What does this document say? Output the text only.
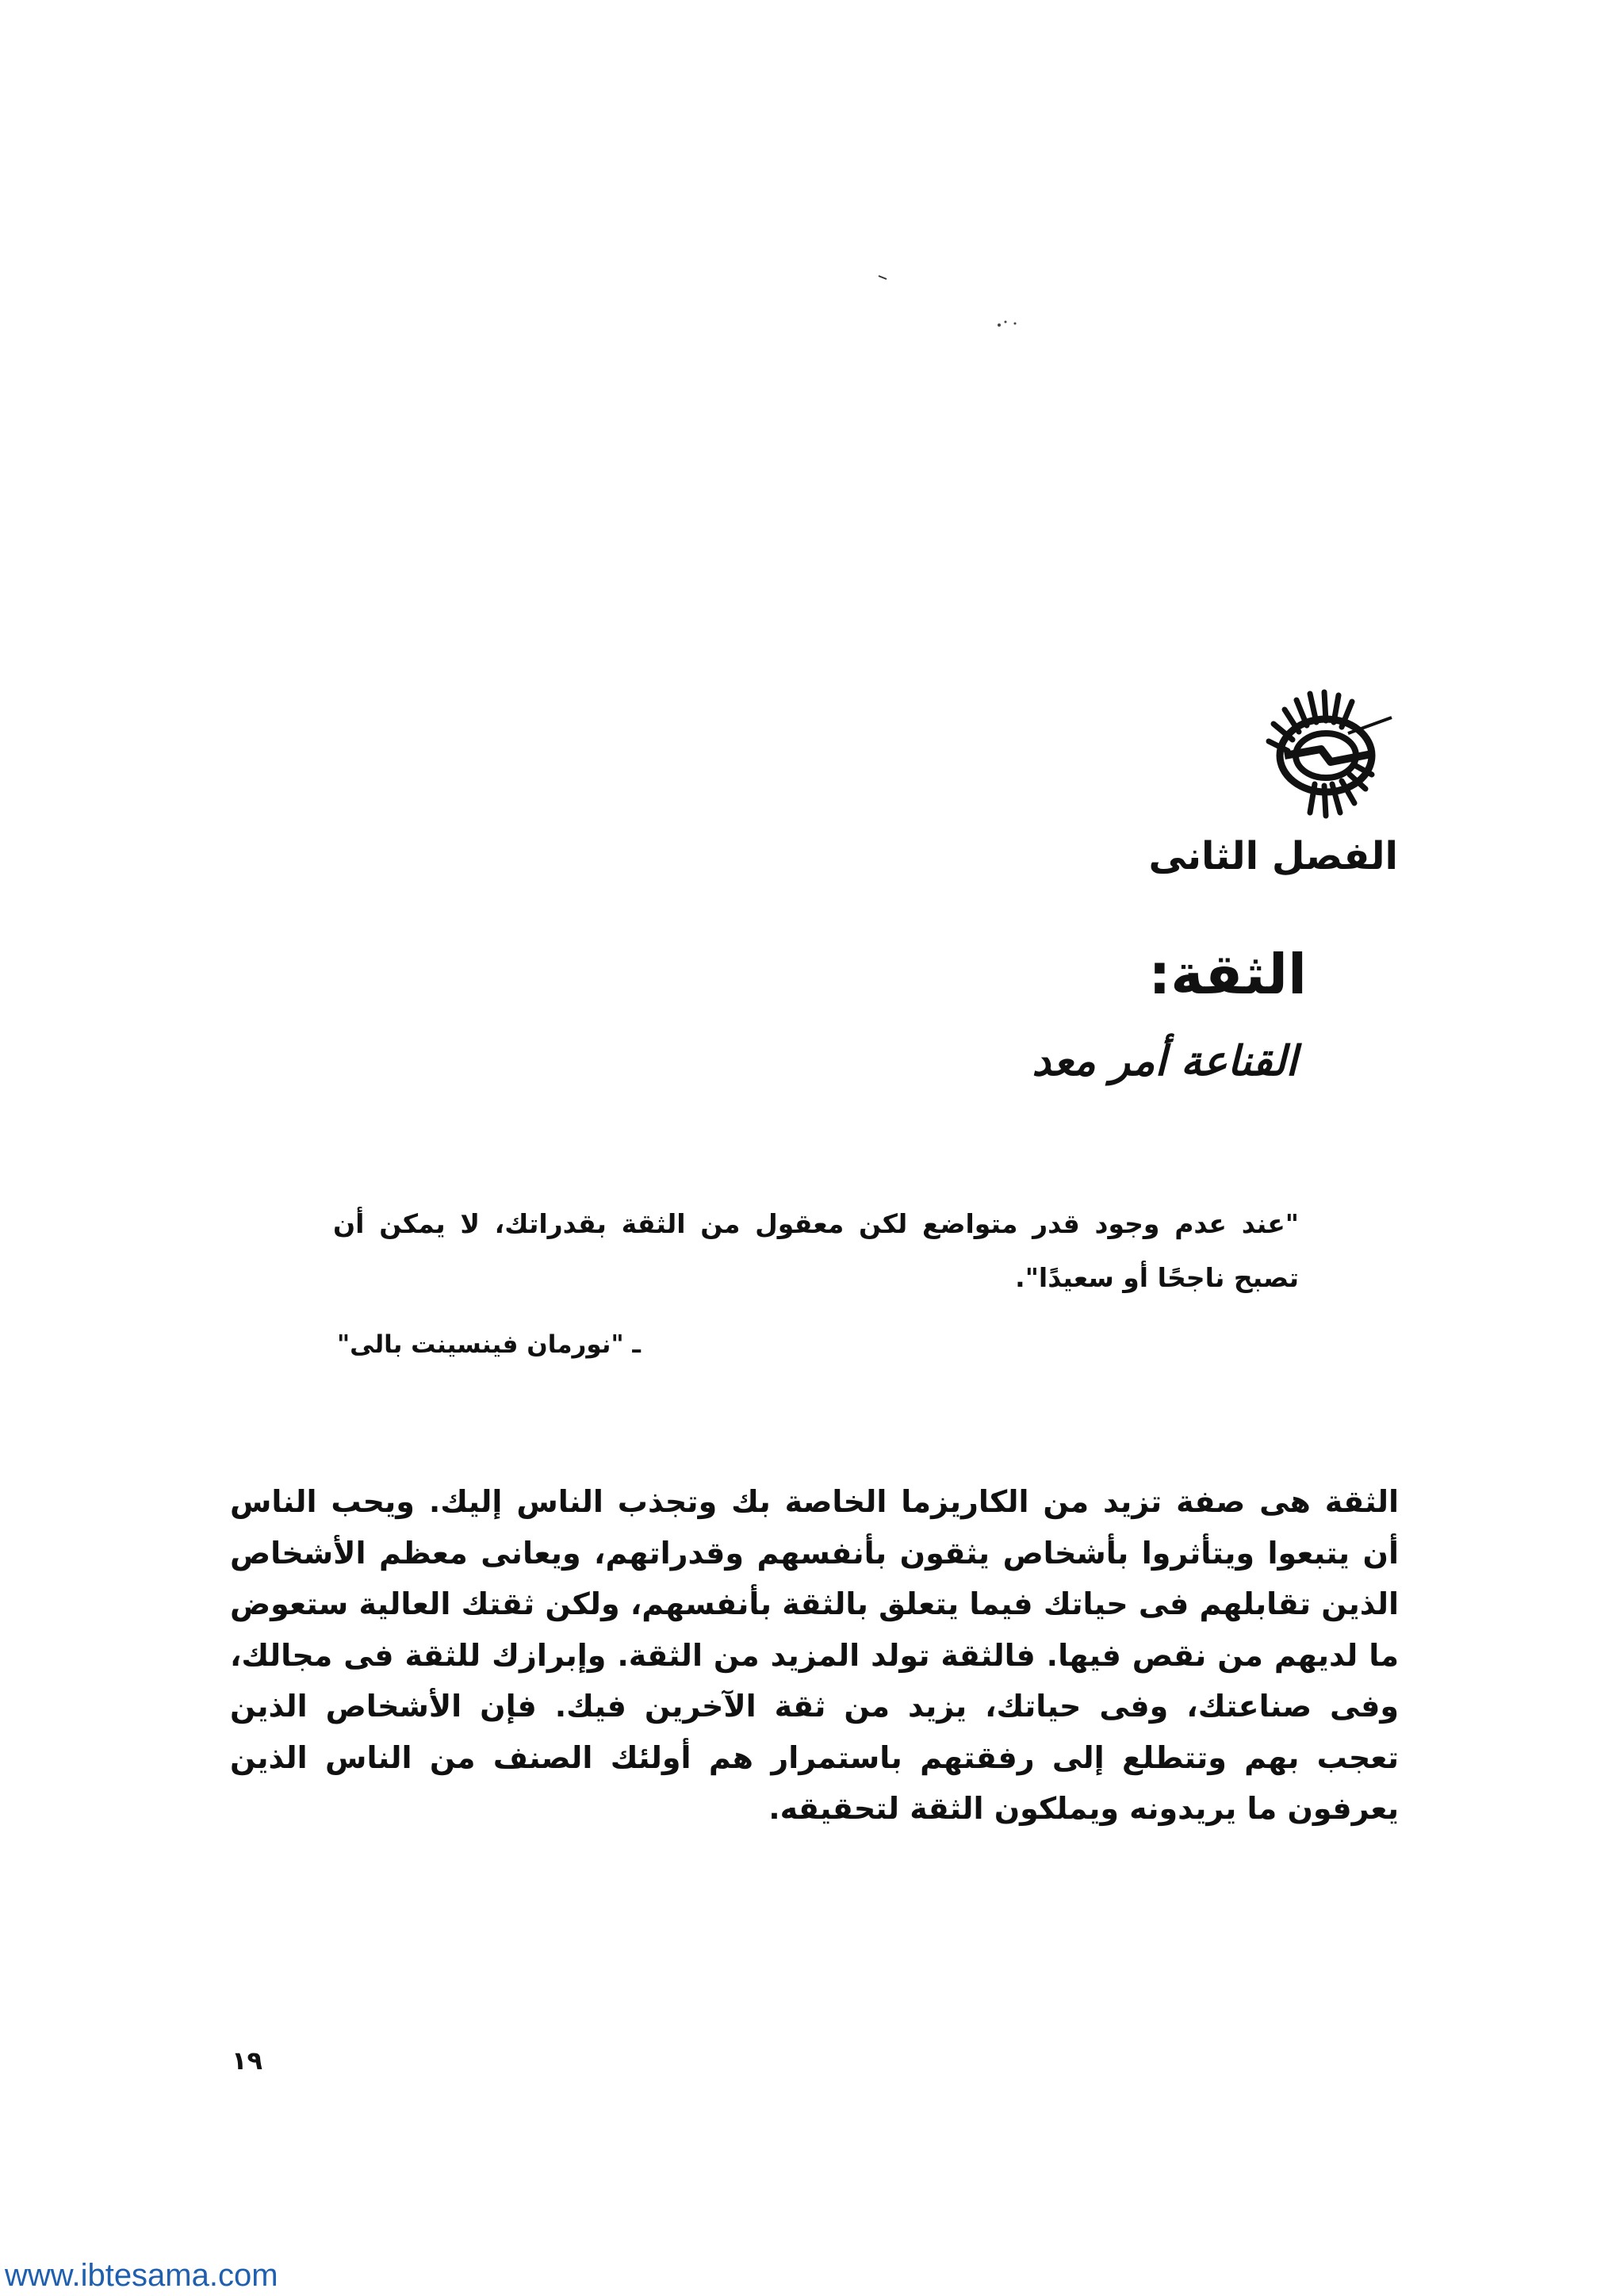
الفصل الثانى
الثقة:
القناعة أمر معد
"عند عدم وجود قدر متواضع لكن معقول من الثقة بقدراتك، لا يمكن أن تصبح ناجحًا أو سعيدًا".
ـ "نورمان فينسينت بالى"
الثقة هى صفة تزيد من الكاريزما الخاصة بك وتجذب الناس إليك. ويحب الناس أن يتبعوا ويتأثروا بأشخاص يثقون بأنفسهم وقدراتهم، ويعانى معظم الأشخاص الذين تقابلهم فى حياتك فيما يتعلق بالثقة بأنفسهم، ولكن ثقتك العالية ستعوض ما لديهم من نقص فيها. فالثقة تولد المزيد من الثقة. وإبرازك للثقة فى مجالك، وفى صناعتك، وفى حياتك، يزيد من ثقة الآخرين فيك. فإن الأشخاص الذين تعجب بهم وتتطلع إلى رفقتهم باستمرار هم أولئك الصنف من الناس الذين يعرفون ما يريدونه ويملكون الثقة لتحقيقه.
١٩
www.ibtesama.com
